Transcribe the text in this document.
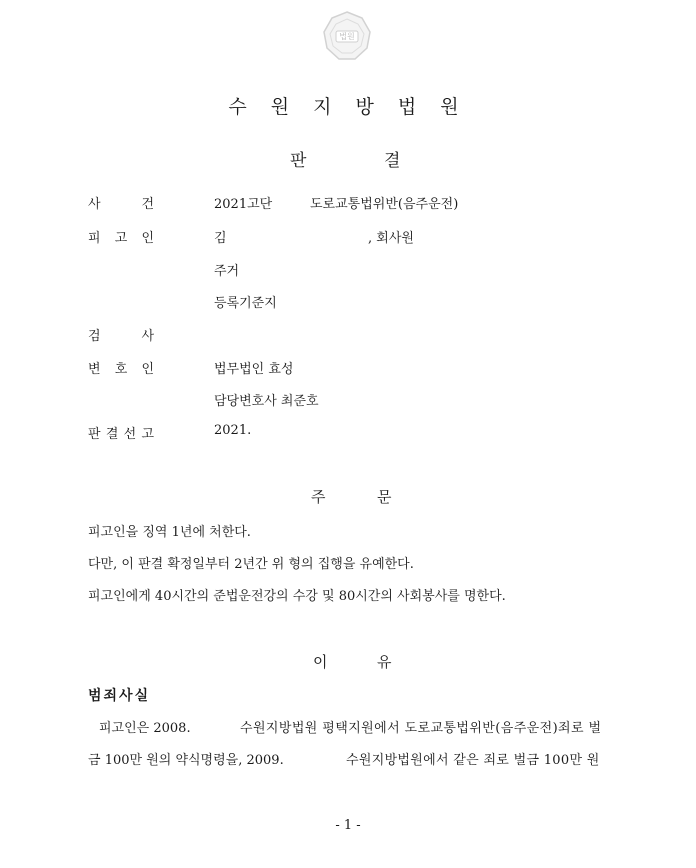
법원
수 원 지 방 법 원
판	결
사	건	2021고단	도로교통법위반(음주운전)
피 고 인	김	, 회사원
주거
등록기준지
검	사
변 호 인	법무법인 효성
담당변호사 최준호
판 결 선 고	2021.
주	문
피고인을 징역 1년에 처한다.
다만, 이 판결 확정일부터 2년간 위 형의 집행을 유예한다.
피고인에게 40시간의 준법운전강의 수강 및 80시간의 사회봉사를 명한다.
이	유
범죄사실
피고인은 2008.	수원지방법원 평택지원에서 도로교통법위반(음주운전)죄로 벌
금 100만 원의 약식명령을, 2009.	수원지방법원에서 같은 죄로 벌금 100만 원
- 1 -
